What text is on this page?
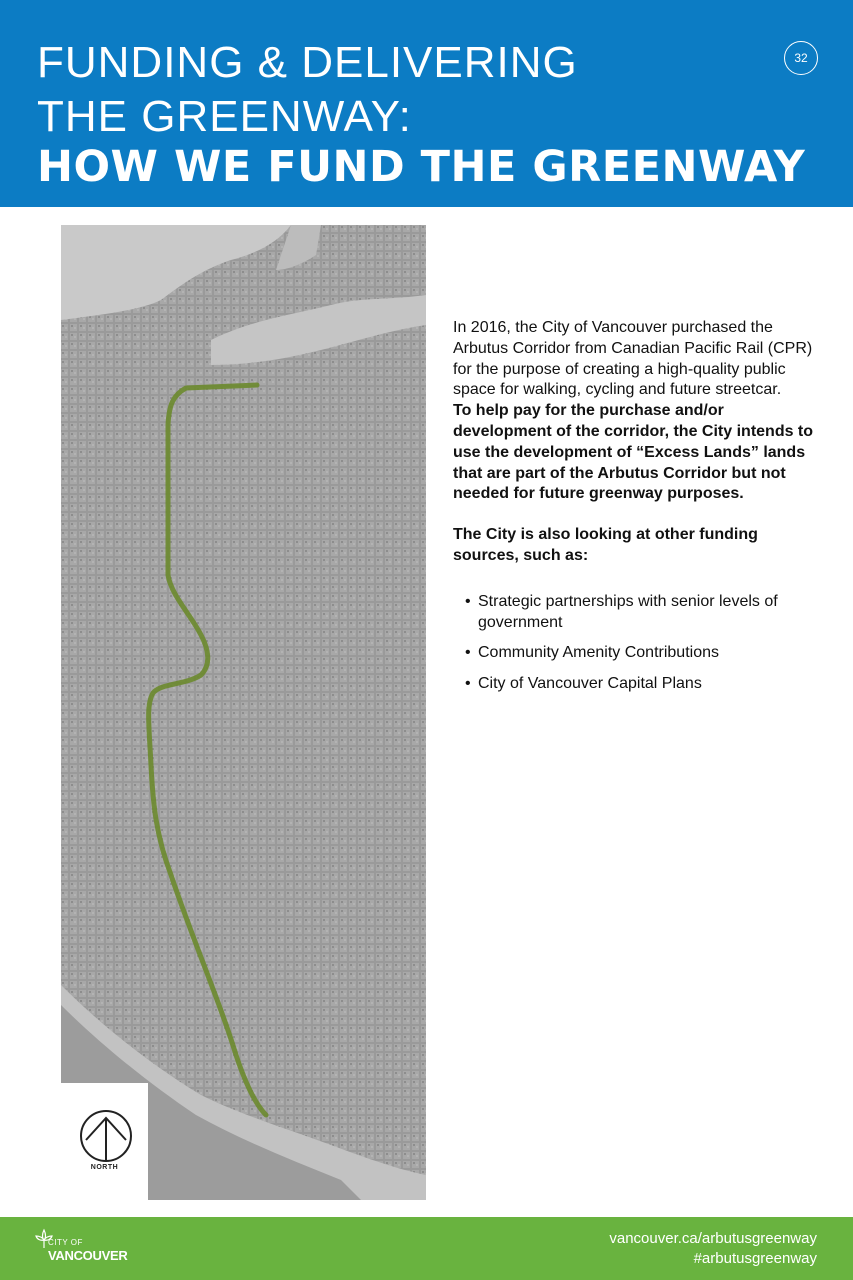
FUNDING & DELIVERING
THE GREENWAY:
HOW WE FUND THE GREENWAY
32
NORTH

In 2016, the City of Vancouver purchased the Arbutus Corridor from Canadian Pacific Rail (CPR) for the purpose of creating a high-quality public space for walking, cycling and future streetcar.

To help pay for the purchase and/or development of the corridor, the City intends to use the development of “Excess Lands” lands that are part of the Arbutus Corridor but not needed for future greenway purposes.

The City is also looking at other funding sources, such as:

• Strategic partnerships with senior levels of government
• Community Amenity Contributions
• City of Vancouver Capital Plans
CITY OF
VANCOUVER
vancouver.ca/arbutusgreenway
#arbutusgreenway
